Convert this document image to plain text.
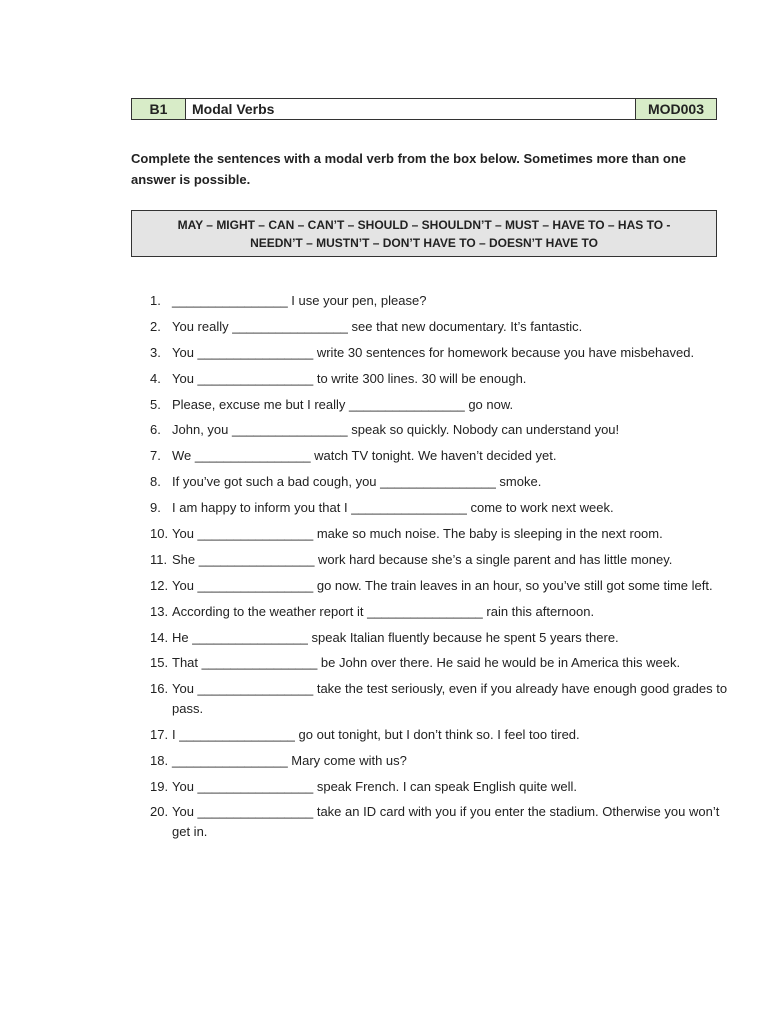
B1	Modal Verbs	MOD003
Complete the sentences with a modal verb from the box below. Sometimes more than one answer is possible.
MAY – MIGHT – CAN – CAN’T – SHOULD – SHOULDN’T – MUST – HAVE TO – HAS TO -
NEEDN’T – MUSTN’T – DON’T HAVE TO – DOESN’T HAVE TO
1. ________________ I use your pen, please?
2. You really ________________ see that new documentary. It’s fantastic.
3. You ________________ write 30 sentences for homework because you have misbehaved.
4. You ________________ to write 300 lines. 30 will be enough.
5. Please, excuse me but I really ________________ go now.
6. John, you ________________ speak so quickly. Nobody can understand you!
7. We ________________ watch TV tonight. We haven’t decided yet.
8. If you’ve got such a bad cough, you ________________ smoke.
9. I am happy to inform you that I ________________ come to work next week.
10. You ________________ make so much noise. The baby is sleeping in the next room.
11. She ________________ work hard because she’s a single parent and has little money.
12. You ________________ go now. The train leaves in an hour, so you’ve still got some time left.
13. According to the weather report it ________________ rain this afternoon.
14. He ________________ speak Italian fluently because he spent 5 years there.
15. That ________________ be John over there. He said he would be in America this week.
16. You ________________ take the test seriously, even if you already have enough good grades to pass.
17. I ________________ go out tonight, but I don’t think so. I feel too tired.
18. ________________ Mary come with us?
19. You ________________ speak French. I can speak English quite well.
20. You ________________ take an ID card with you if you enter the stadium. Otherwise you won’t get in.
